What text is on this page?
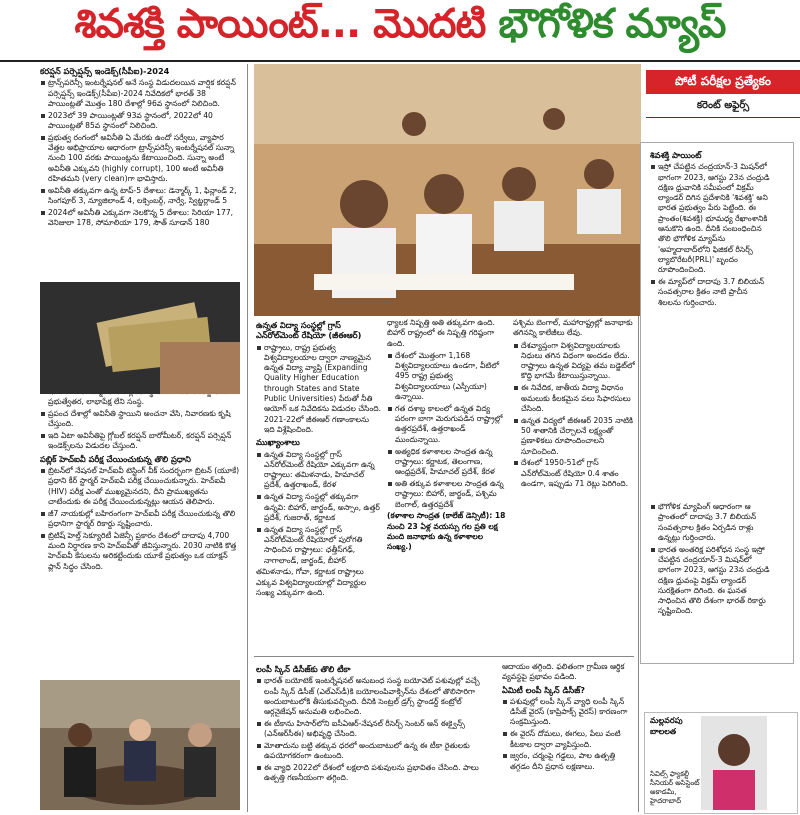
శివశక్తి పాయింట్... మొదటి
భౌగోళిక మ్యాప్
కరప్షన్ పర్సెప్షన్స్ ఇండెక్స్(సీపీఐ)-2024
ట్రాన్స్‌పరెన్సీ ఇంటర్నేషనల్ అనే సంస్థ విడుదలయిన వార్షిక కరప్షన్ పర్సెప్షన్స్ ఇండెక్స్(సీపీఐ)-2024 నివేదికలో భారత్ 38 పాయింట్లతో మొత్తం 180 దేశాల్లో 96వ స్థానంలో నిలిచింది.
2023లో 39 పాయింట్లతో 93వ స్థానంలో, 2022లో 40 పాయింట్లతో 85వ స్థానంలో నిలిచింది.
ప్రభుత్వ రంగంలో అవినీతి ఏ మేరకు ఉందో సర్వేలు, వ్యాపార వేత్తల అభిప్రాయాల ఆధారంగా ట్రాన్స్‌పరెన్సీ ఇంటర్నేషనల్ సున్నా నుంచి 100 వరకు పాయింట్లను కేటాయించింది. సున్నా అంటే అవినీతి ఎక్కువని (highly corrupt), 100 అంటే అవినీతి రహితమని (very clean)గా భావిస్తారు.
అవినీతి తక్కువగా ఉన్న టాప్-5 దేశాలు: డెన్మార్క్ 1, ఫిన్లాండ్ 2, సింగపూర్ 3, న్యూజిలాండ్ 4, లక్సెంబర్గ్, నార్వే, స్విట్జర్లాండ్ 5
2024లో అవినీతి ఎక్కువగా నెలకొన్న 5 దేశాలు: సిరియా 177, వెనిజులా 178, సోమాలియా 179, సౌత్ సూడాన్ 180
ప్రభుత్వేతర, లాభాపేక్ష లేని సంస్థ.
ప్రపంచ దేశాల్లో అవినీతి స్థాయిని అంచనా వేసి, నివారణకు కృషి చేస్తుంది.
ఇది ఏటా అవినీతిపై గ్లోబల్ కరప్షన్ బారోమీటర్, కరప్షన్ పర్సెప్షన్ ఇండెక్స్‌లను విడుదల చేస్తుంది.
పబ్లిక్ హెచ్ఐవీ పరీక్ష చేయించుకున్న తొలి ప్రధాని
బ్రిటన్‌లో నేషనల్ హెచ్ఐవీ టెస్టింగ్ వీక్ సందర్భంగా బ్రిటన్ (యూకే) ప్రధాని కీర్ స్టార్మర్ హెచ్ఐవీ పరీక్ష చేయించుకున్నారు. హెచ్ఐవీ (HIV) పరీక్ష ఎంతో ముఖ్యమైనదని, దీని ప్రాముఖ్యతను చాటేందుకు ఈ పరీక్ష చేయించుకున్నట్లు ఆయన తెలిపారు.
జీ7 నాయకుల్లో బహిరంగంగా హెచ్ఐవీ పరీక్ష చేయించుకున్న తొలి ప్రధానిగా స్టార్మర్ రికార్డు సృష్టించారు.
బ్రిటిష్ హెల్త్ సెక్యూరిటీ ఏజెన్సీ ప్రకారం దేశంలో దాదాపు 4,700 మంది నిర్ధారణ కాని హెచ్ఐవీతో జీవిస్తున్నారు. 2030 నాటికి కొత్త హెచ్ఐవీ కేసులను అరికట్టేందుకు యూకే ప్రభుత్వం ఒక యాక్షన్ ప్లాన్ సిద్ధం చేసింది.
ఉన్నత విద్యా సంస్థల్లో గ్రాస్ ఎన్‌రోల్‌మెంట్ రేషియో (జీఈఆర్)
రాష్ట్రాలు, రాష్ట్ర ప్రభుత్వ విశ్వవిద్యాలయాల ద్వారా నాణ్యమైన ఉన్నత విద్యా వ్యాప్తి (Expanding Quality Higher Education through States and State Public Universities) పేరుతో నీతి ఆయోగ్ ఒక నివేదికను విడుదల చేసింది. 2021-22లో జీఈఆర్ గణాంకాలను ఇది విశ్లేషించింది.
ముఖ్యాంశాలు
ఉన్నత విద్యా సంస్థల్లో గ్రాస్ ఎన్‌రోల్‌మెంట్ రేషియో ఎక్కువగా ఉన్న రాష్ట్రాలు: తమిళనాడు, హిమాచల్ ప్రదేశ్, ఉత్తరాఖండ్, కేరళ
ఉన్నత విద్యా సంస్థల్లో తక్కువగా ఉన్నవి: బిహార్, జార్ఖండ్, అస్సాం, ఉత్తర్ ప్రదేశ్, గుజరాత్, కర్ణాటక
ఉన్నత విద్యా సంస్థల్లో గ్రాస్ ఎన్‌రోల్‌మెంట్ రేషియోలో పురోగతి సాధించిన రాష్ట్రాలు: ఛత్తీస్‌గఢ్, నాగాలాండ్, జార్ఖండ్, బీహార్

తమిళనాడు, గోవా, కర్ణాటక రాష్ట్రాలు ఎక్కువ విశ్వవిద్యాలయాల్లో విద్యార్థుల సంఖ్య ఎక్కువగా ఉంది.

ధ్యాలక నిష్పత్తి అతి తక్కువగా ఉంది. బిహార్ రాష్ట్రంలో ఈ నిష్పత్తి గరిష్ఠంగా ఉంది.

దేశంలో మొత్తంగా 1,168 విశ్వవిద్యాలయాలు ఉండగా, వీటిలో 495 రాష్ట్ర ప్రభుత్వ విశ్వవిద్యాలయాలు (ఎస్పీయూ) ఉన్నాయి.
గత దశాబ్ద కాలంలో ఉన్నత విద్య పరంగా బాగా మెరుగుపడిన రాష్ట్రాల్లో ఉత్తరప్రదేశ్, ఉత్తరాఖండ్ ముందున్నాయి.
అత్యధిక కళాశాలల సాంద్రత ఉన్న రాష్ట్రాలు: కర్ణాటక, తెలంగాణ, ఆంధ్రప్రదేశ్, హిమాచల్ ప్రదేశ్, కేరళ
అతి తక్కువ కళాశాలల సాంద్రత ఉన్న రాష్ట్రాలు: బిహార్, జార్ఖండ్, పశ్చిమ బెంగాల్, ఉత్తరప్రదేశ్

(కళాశాల సాంద్రత (కాలేజ్ డెన్సిటీ): 18 నుంచి 23 ఏళ్ల వయస్సు గల ప్రతి లక్ష మంది జనాభాకు ఉన్న కళాశాలల సంఖ్య.)

పశ్చిమ బెంగాల్, మహారాష్ట్రల్లో జనాభాకు తగినన్ని కాలేజీలు లేవు.

దేశవ్యాప్తంగా విశ్వవిద్యాలయాలకు నిధులు తగిన విధంగా అందడం లేదు. రాష్ట్రాలు ఉన్నత విద్యపై తమ బడ్జెట్‌లో కొద్ది భాగమే కేటాయిస్తున్నాయి.
ఈ నివేదిక, జాతీయ విద్యా విధానం అమలుకు కీలకమైన పలు సిఫారసులు చేసింది.
ఉన్నత విద్యలో జీఈఆర్ 2035 నాటికి 50 శాతానికి చేర్చాలనే లక్ష్యంతో ప్రణాళికలు రూపొందించాలని సూచించింది.
దేశంలో 1950-51లో గ్రాస్ ఎన్‌రోల్‌మెంట్ రేషియో 0.4 శాతం ఉండగా, ఇప్పుడు 71 రెట్లు పెరిగింది.
లంపీ స్కిన్ డిసీజ్‌కు తొలి టీకా
భారత్ బయోటెక్ ఇంటర్నేషనల్ అనుబంధ సంస్థ బయోవెట్ పశువుల్లో వచ్చే లంపీ స్కిన్ డిసీజ్ (ఎల్‌ఎస్‌డీ)కి బయోలంపివాక్సిన్‌ను దేశంలో తొలిసారిగా అందుబాటులోకి తీసుకువచ్చింది. దీనికి సెంట్రల్ డ్రగ్స్ స్టాండర్డ్ కంట్రోల్ ఆర్గనైజేషన్ అనుమతి లభించింది.
ఈ టీకాను హిసార్‌లోని ఐసీఏఆర్-నేషనల్ రీసెర్చ్ సెంటర్ ఆన్ ఈక్వైన్స్ (ఎన్ఆర్‌సీఈ) అభివృద్ధి చేసింది.
మోతాదును బట్టి తక్కువ ధరలో అందుబాటులో ఉన్న ఈ టీకా రైతులకు ఉపయోగకరంగా ఉంటుంది.
ఈ వ్యాధి 2022లో దేశంలో లక్షలాది పశువులను ప్రభావితం చేసింది. పాలు ఉత్పత్తి గణనీయంగా తగ్గింది.

ఆదాయం తగ్గింది. ఫలితంగా గ్రామీణ ఆర్థిక వ్యవస్థపై ప్రభావం పడింది.

ఏమిటీ లంపీ స్కిన్ డిసీజ్?
పశువుల్లో లంపీ స్కిన్ వ్యాధి లంపీ స్కిన్ డిసీజ్ వైరస్ (కాప్రిపాక్స్ వైరస్) కారణంగా సంక్రమిస్తుంది.
ఈ వైరస్ దోమలు, ఈగలు, పేలు వంటి కీటకాల ద్వారా వ్యాపిస్తుంది.
జ్వరం, చర్మంపై గడ్డలు, పాల ఉత్పత్తి తగ్గడం దీని ప్రధాన లక్షణాలు.
పోటీ పరీక్షల ప్రత్యేకం
కరెంట్ అఫైర్స్
శివశక్తి పాయింట్
ఇస్రో చేపట్టిన చంద్రయాన్-3 మిషన్‌లో భాగంగా 2023, ఆగస్టు 23న చంద్రుడి దక్షిణ ధ్రువానికి సమీపంలో విక్రమ్ ల్యాండర్ దిగిన ప్రదేశానికి 'శివశక్తి' అని భారత ప్రభుత్వం పేరు పెట్టింది. ఈ ప్రాంతం(శివశక్తి) భూమధ్య రేఖాంశానికి ఆనుకొని ఉంది. దీనికి సంబంధించిన తొలి భౌగోళిక మ్యాప్‌ను 'అహ్మదాబాద్‌లోని ఫిజికల్ రీసెర్చ్ ల్యాబొరేటరీ(PRL)' బృందం రూపొందించింది.
ఈ మ్యాప్‌లో దాదాపు 3.7 బిలియన్ సంవత్సరాల క్రితం నాటి ప్రాచీన శిలలను గుర్తించారు.
భౌగోళిక మ్యాపింగ్ ఆధారంగా ఆ ప్రాంతంలో దాదాపు 3.7 బిలియన్ సంవత్సరాల క్రితం ఏర్పడిన రాళ్లు ఉన్నట్లు గుర్తించారు.
భారత అంతరిక్ష పరిశోధన సంస్థ ఇస్రో చేపట్టిన చంద్రయాన్-3 మిషన్‌లో భాగంగా 2023, ఆగస్టు 23న చంద్రుడి దక్షిణ ధ్రువంపై విక్రమ్ ల్యాండర్ సురక్షితంగా దిగింది. ఈ ఘనత సాధించిన తొలి దేశంగా భారత్ రికార్డు సృష్టించింది.
మల్లవరపు బాలలత
సివిల్స్ ఫ్యాకల్టీ సీనియర్ అసిస్టెంట్ అకాడమీ, హైదరాబాద్
